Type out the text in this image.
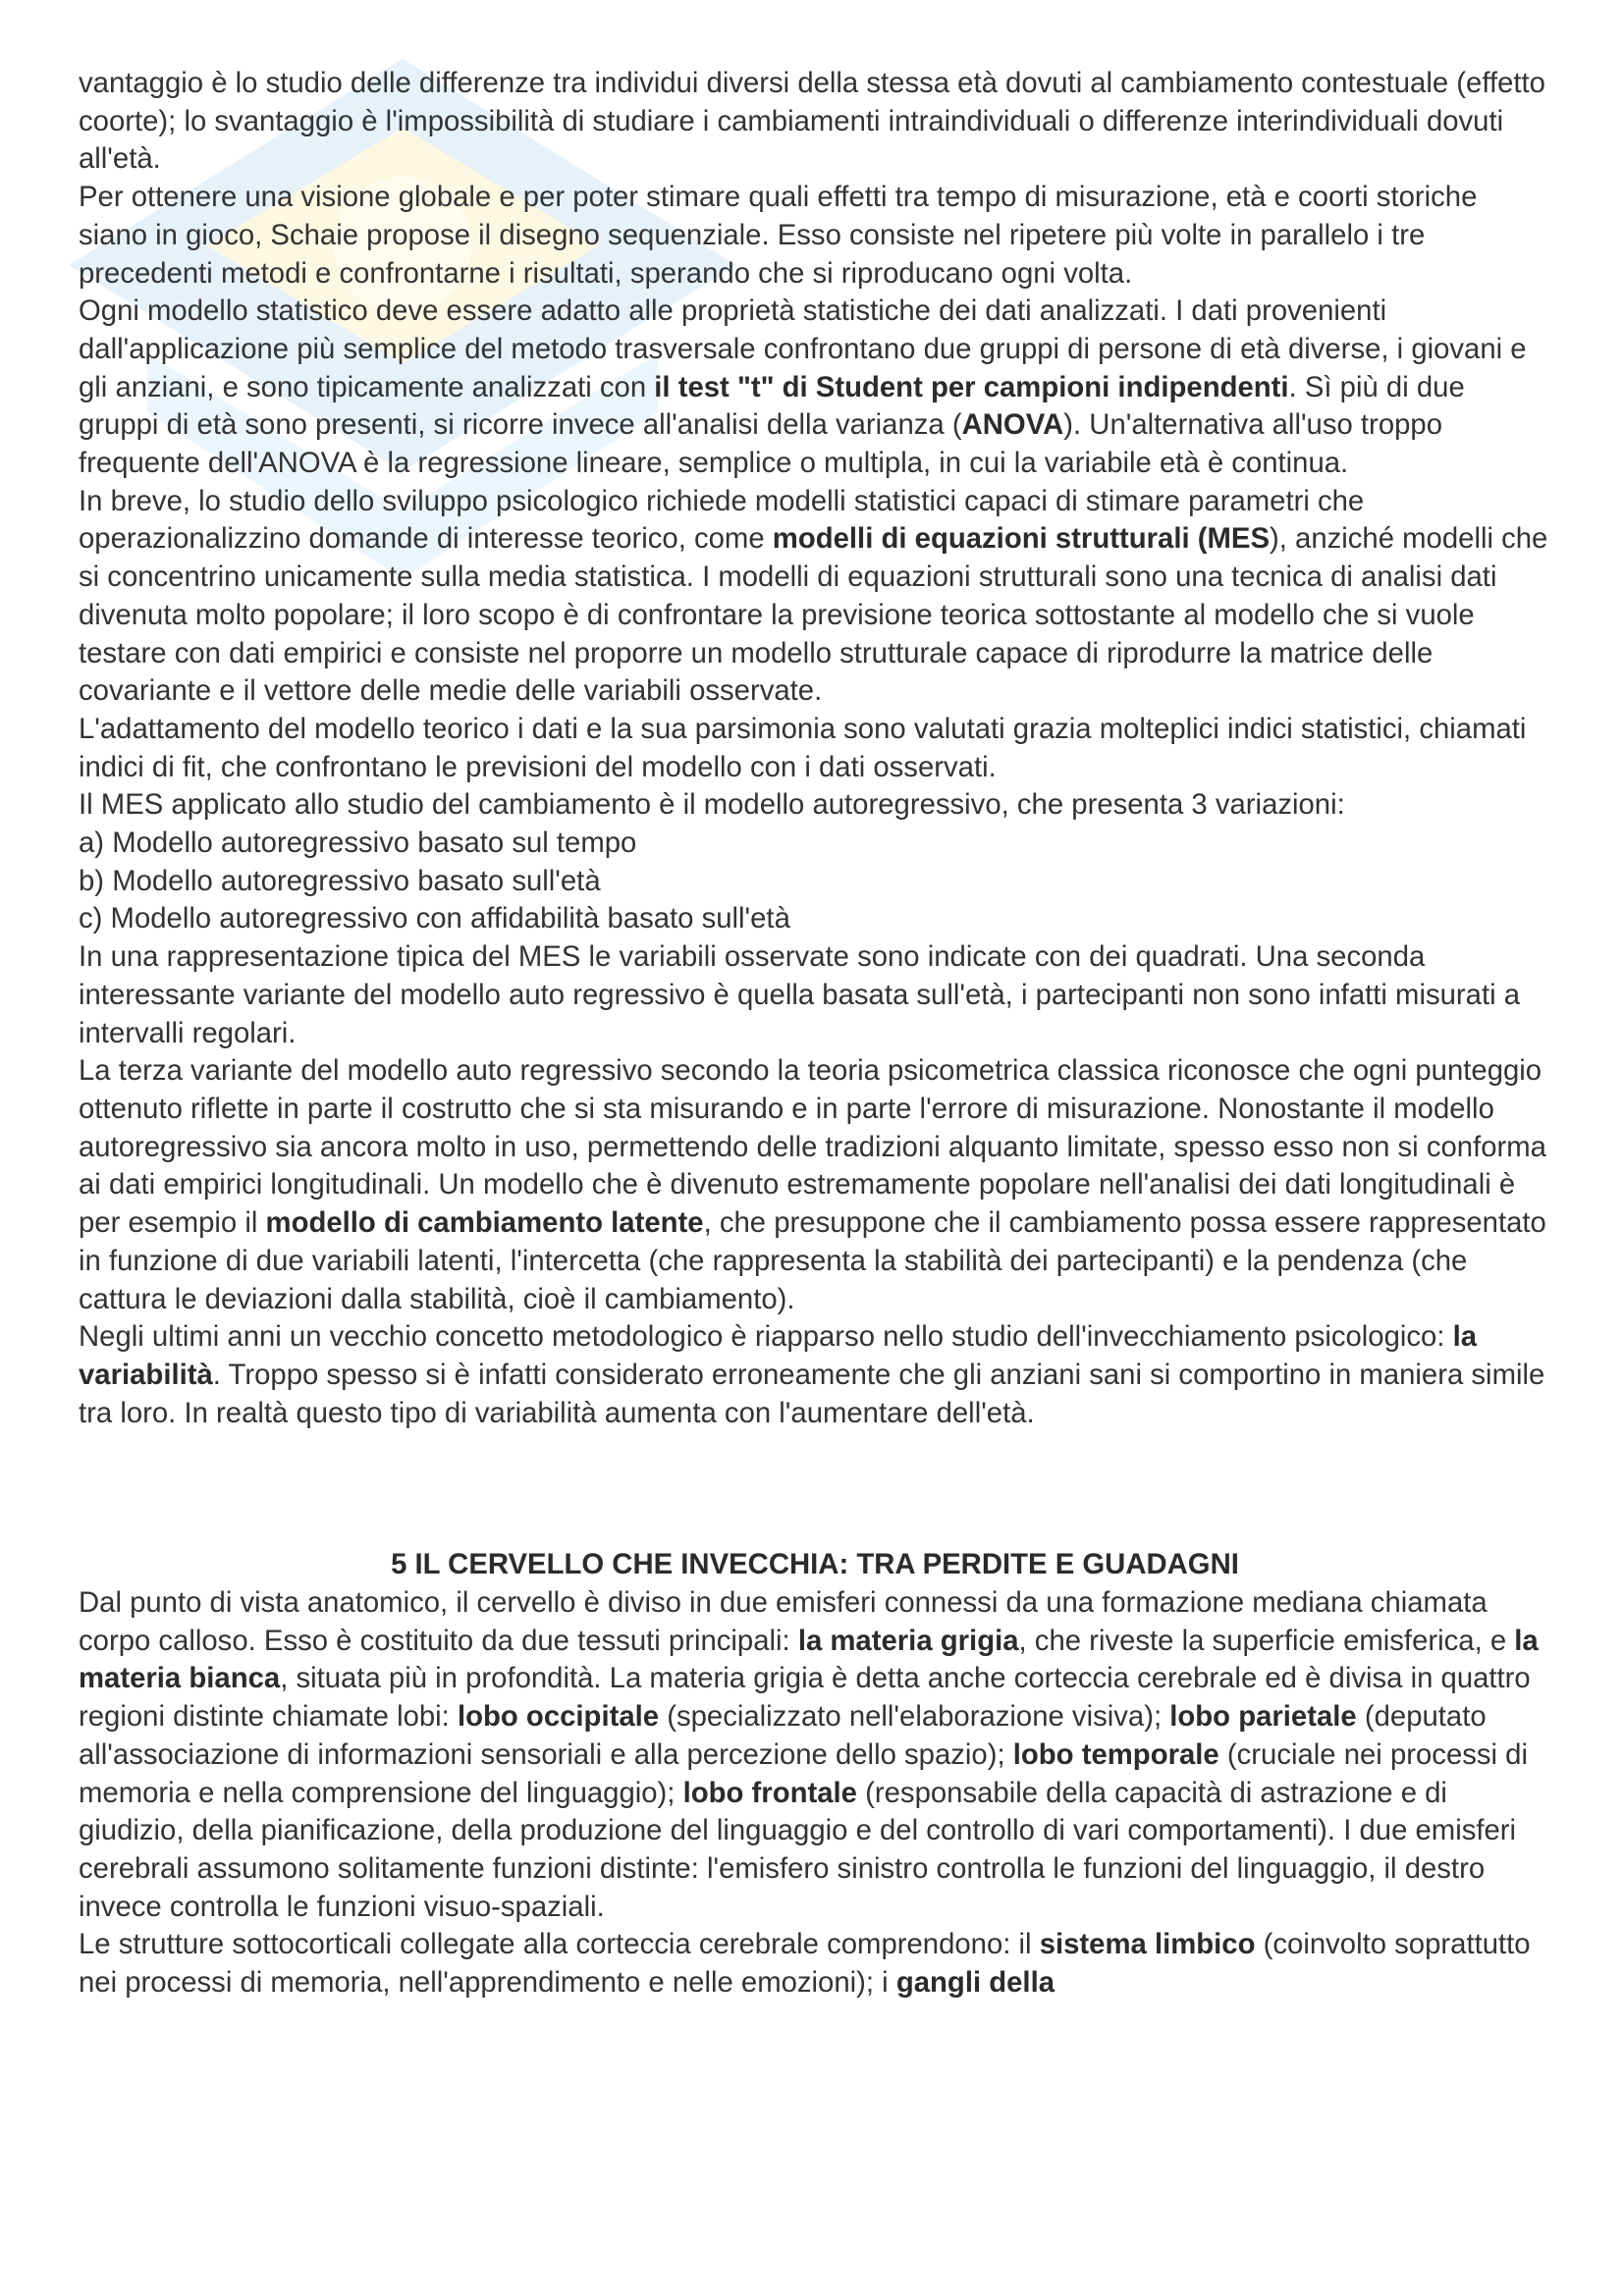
vantaggio è lo studio delle differenze tra individui diversi della stessa età dovuti al cambiamento contestuale (effetto coorte); lo svantaggio è l'impossibilità di studiare i cambiamenti intraindividuali o differenze interindividuali dovuti all'età.

Per ottenere una visione globale e per poter stimare quali effetti tra tempo di misurazione, età e coorti storiche siano in gioco, Schaie propose il disegno sequenziale. Esso consiste nel ripetere più volte in parallelo i tre precedenti metodi e confrontarne i risultati, sperando che si riproducano ogni volta.

Ogni modello statistico deve essere adatto alle proprietà statistiche dei dati analizzati. I dati provenienti dall'applicazione più semplice del metodo trasversale confrontano due gruppi di persone di età diverse, i giovani e gli anziani, e sono tipicamente analizzati con il test "t" di Student per campioni indipendenti. Sì più di due gruppi di età sono presenti, si ricorre invece all'analisi della varianza (ANOVA). Un'alternativa all'uso troppo frequente dell'ANOVA è la regressione lineare, semplice o multipla, in cui la variabile età è continua.

In breve, lo studio dello sviluppo psicologico richiede modelli statistici capaci di stimare parametri che operazionalizzino domande di interesse teorico, come modelli di equazioni strutturali (MES), anziché modelli che si concentrino unicamente sulla media statistica. I modelli di equazioni strutturali sono una tecnica di analisi dati divenuta molto popolare; il loro scopo è di confrontare la previsione teorica sottostante al modello che si vuole testare con dati empirici e consiste nel proporre un modello strutturale capace di riprodurre la matrice delle covariante e il vettore delle medie delle variabili osservate.

L'adattamento del modello teorico i dati e la sua parsimonia sono valutati grazia molteplici indici statistici, chiamati indici di fit, che confrontano le previsioni del modello con i dati osservati.

Il MES applicato allo studio del cambiamento è il modello autoregressivo, che presenta 3 variazioni:

a) Modello autoregressivo basato sul tempo

b) Modello autoregressivo basato sull'età

c) Modello autoregressivo con affidabilità basato sull'età

In una rappresentazione tipica del MES le variabili osservate sono indicate con dei quadrati. Una seconda interessante variante del modello auto regressivo è quella basata sull'età, i partecipanti non sono infatti misurati a intervalli regolari.

La terza variante del modello auto regressivo secondo la teoria psicometrica classica riconosce che ogni punteggio ottenuto riflette in parte il costrutto che si sta misurando e in parte l'errore di misurazione. Nonostante il modello autoregressivo sia ancora molto in uso, permettendo delle tradizioni alquanto limitate, spesso esso non si conforma ai dati empirici longitudinali. Un modello che è divenuto estremamente popolare nell'analisi dei dati longitudinali è per esempio il modello di cambiamento latente, che presuppone che il cambiamento possa essere rappresentato in funzione di due variabili latenti, l'intercetta (che rappresenta la stabilità dei partecipanti) e la pendenza (che cattura le deviazioni dalla stabilità, cioè il cambiamento).

Negli ultimi anni un vecchio concetto metodologico è riapparso nello studio dell'invecchiamento psicologico: la variabilità. Troppo spesso si è infatti considerato erroneamente che gli anziani sani si comportino in maniera simile tra loro. In realtà questo tipo di variabilità aumenta con l'aumentare dell'età.

5 IL CERVELLO CHE INVECCHIA: TRA PERDITE E GUADAGNI

Dal punto di vista anatomico, il cervello è diviso in due emisferi connessi da una formazione mediana chiamata corpo calloso. Esso è costituito da due tessuti principali: la materia grigia, che riveste la superficie emisferica, e la materia bianca, situata più in profondità. La materia grigia è detta anche corteccia cerebrale ed è divisa in quattro regioni distinte chiamate lobi: lobo occipitale (specializzato nell'elaborazione visiva); lobo parietale (deputato all'associazione di informazioni sensoriali e alla percezione dello spazio); lobo temporale (cruciale nei processi di memoria e nella comprensione del linguaggio); lobo frontale (responsabile della capacità di astrazione e di giudizio, della pianificazione, della produzione del linguaggio e del controllo di vari comportamenti). I due emisferi cerebrali assumono solitamente funzioni distinte: l'emisfero sinistro controlla le funzioni del linguaggio, il destro invece controlla le funzioni visuo-spaziali.

Le strutture sottocorticali collegate alla corteccia cerebrale comprendono: il sistema limbico (coinvolto soprattutto nei processi di memoria, nell'apprendimento e nelle emozioni); i gangli della
